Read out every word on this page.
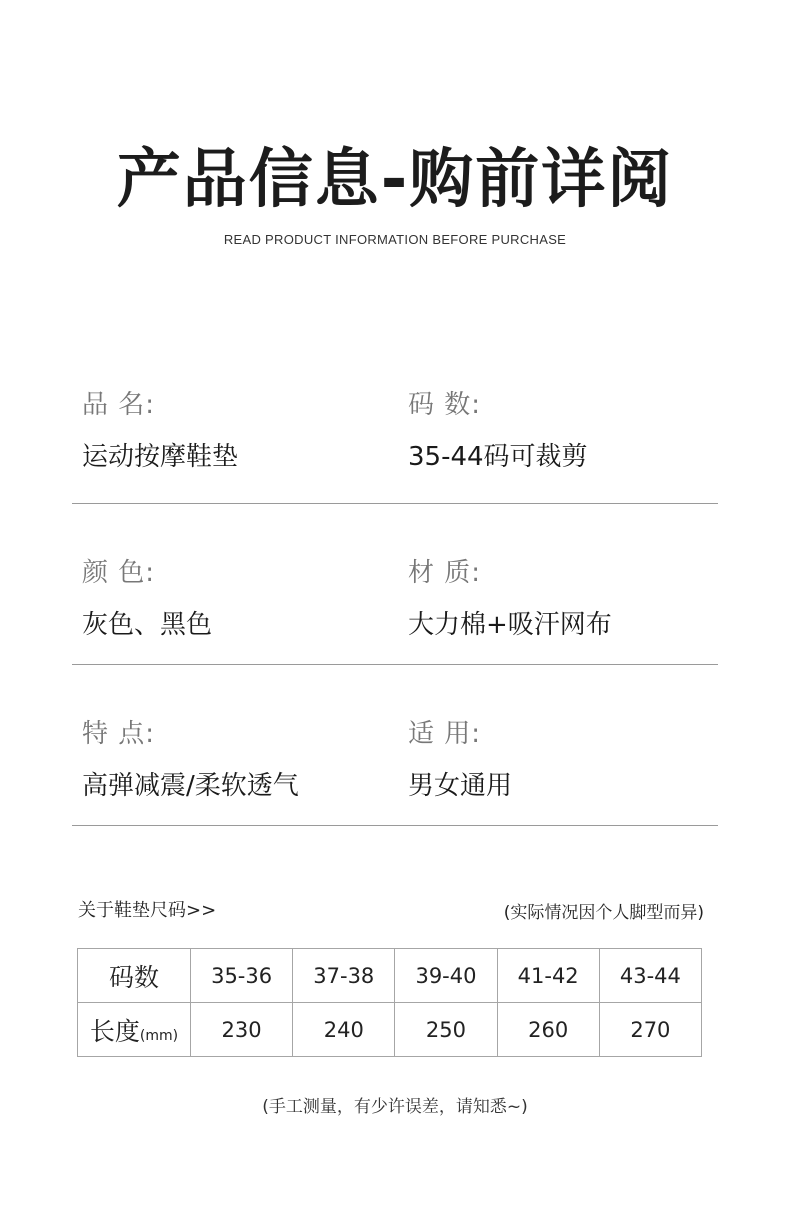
产品信息-购前详阅
READ PRODUCT INFORMATION BEFORE PURCHASE
品 名:
运动按摩鞋垫
码 数:
35-44码可裁剪
颜 色:
灰色、黑色
材 质:
大力棉+吸汗网布
特 点:
高弹减震/柔软透气
适 用:
男女通用
关于鞋垫尺码>>	(实际情况因个人脚型而异)
码数	35-36	37-38	39-40	41-42	43-44
长度(mm)	230	240	250	260	270
(手工测量，有少许误差，请知悉~)
